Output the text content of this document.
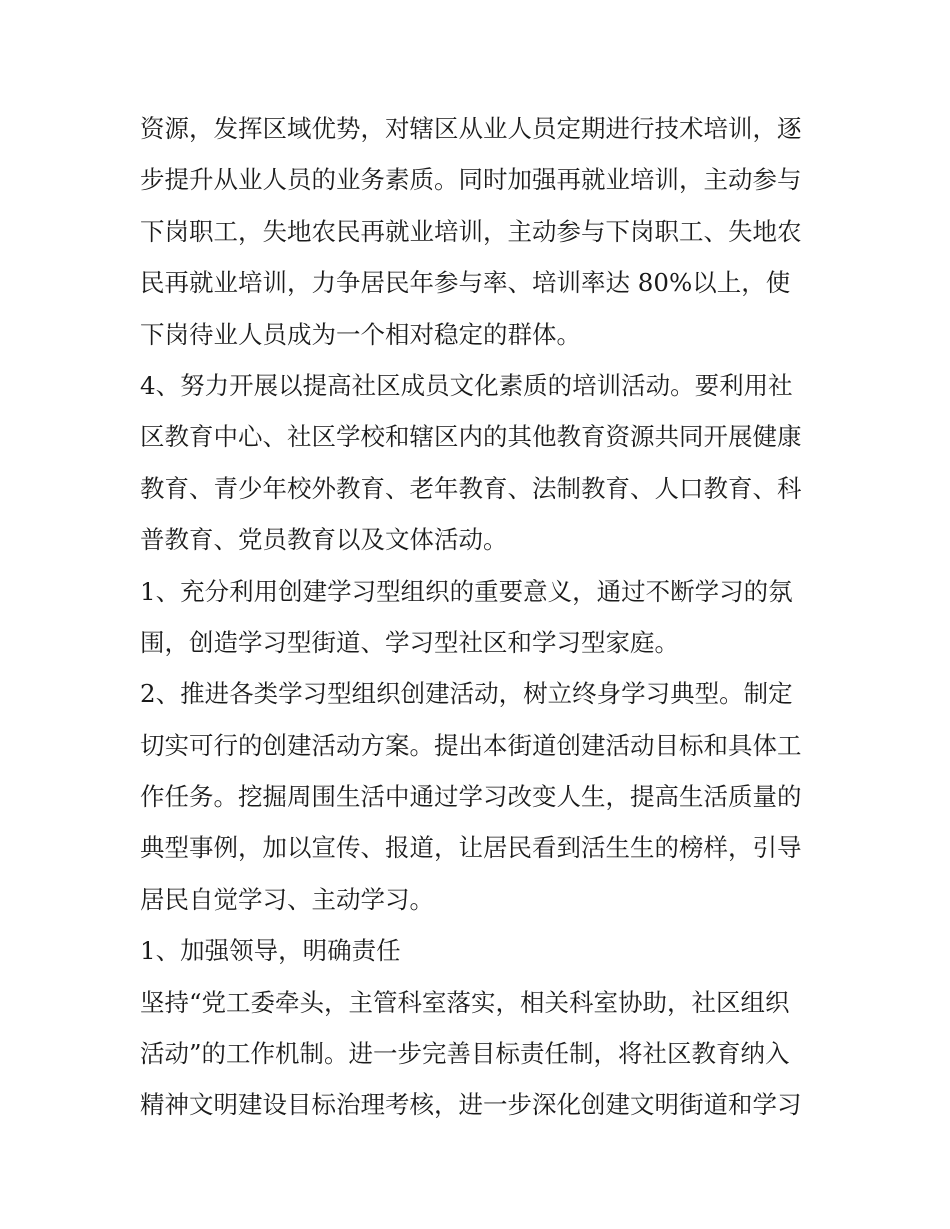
资源，发挥区域优势，对辖区从业人员定期进行技术培训，逐
步提升从业人员的业务素质。同时加强再就业培训，主动参与
下岗职工，失地农民再就业培训，主动参与下岗职工、失地农
民再就业培训，力争居民年参与率、培训率达 80%以上，使
下岗待业人员成为一个相对稳定的群体。
4、努力开展以提高社区成员文化素质的培训活动。要利用社
区教育中心、社区学校和辖区内的其他教育资源共同开展健康
教育、青少年校外教育、老年教育、法制教育、人口教育、科
普教育、党员教育以及文体活动。
1、充分利用创建学习型组织的重要意义，通过不断学习的氛
围，创造学习型街道、学习型社区和学习型家庭。
2、推进各类学习型组织创建活动，树立终身学习典型。制定
切实可行的创建活动方案。提出本街道创建活动目标和具体工
作任务。挖掘周围生活中通过学习改变人生，提高生活质量的
典型事例，加以宣传、报道，让居民看到活生生的榜样，引导
居民自觉学习、主动学习。
1、加强领导，明确责任
坚持“党工委牵头，主管科室落实，相关科室协助，社区组织
活动”的工作机制。进一步完善目标责任制，将社区教育纳入
精神文明建设目标治理考核，进一步深化创建文明街道和学习
